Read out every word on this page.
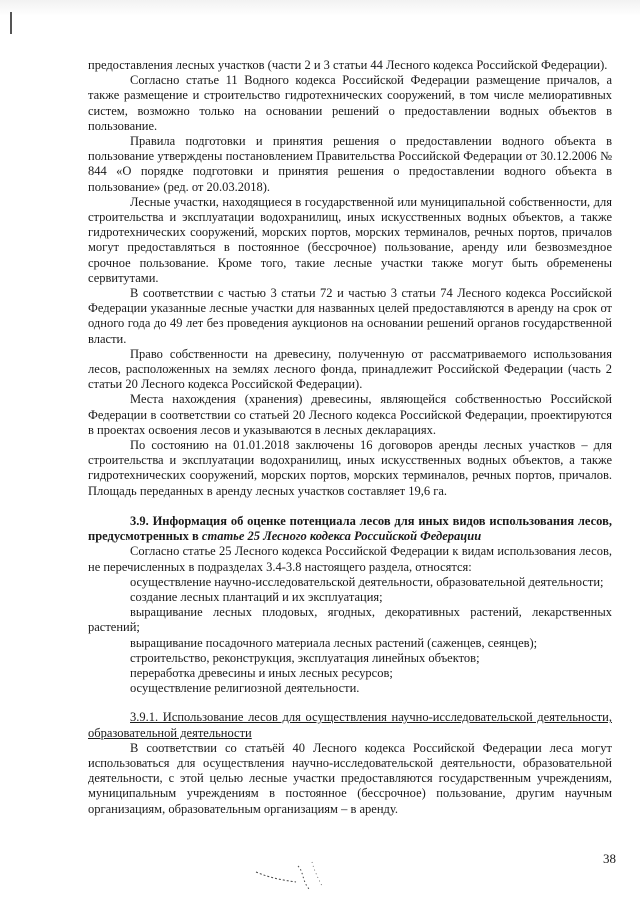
предоставления лесных участков (части 2 и 3 статьи 44 Лесного кодекса Российской Федерации).

Согласно статье 11 Водного кодекса Российской Федерации размещение причалов, а также размещение и строительство гидротехнических сооружений, в том числе мелиоративных систем, возможно только на основании решений о предоставлении водных объектов в пользование.

Правила подготовки и принятия решения о предоставлении водного объекта в пользование утверждены постановлением Правительства Российской Федерации от 30.12.2006 № 844 «О порядке подготовки и принятия решения о предоставлении водного объекта в пользование» (ред. от 20.03.2018).

Лесные участки, находящиеся в государственной или муниципальной собственности, для строительства и эксплуатации водохранилищ, иных искусственных водных объектов, а также гидротехнических сооружений, морских портов, морских терминалов, речных портов, причалов могут предоставляться в постоянное (бессрочное) пользование, аренду или безвозмездное срочное пользование. Кроме того, такие лесные участки также могут быть обременены сервитутами.

В соответствии с частью 3 статьи 72 и частью 3 статьи 74 Лесного кодекса Российской Федерации указанные лесные участки для названных целей предоставляются в аренду на срок от одного года до 49 лет без проведения аукционов на основании решений органов государственной власти.

Право собственности на древесину, полученную от рассматриваемого использования лесов, расположенных на землях лесного фонда, принадлежит Российской Федерации (часть 2 статьи 20 Лесного кодекса Российской Федерации).

Места нахождения (хранения) древесины, являющейся собственностью Российской Федерации в соответствии со статьей 20 Лесного кодекса Российской Федерации, проектируются в проектах освоения лесов и указываются в лесных декларациях.

По состоянию на 01.01.2018 заключены 16 договоров аренды лесных участков – для строительства и эксплуатации водохранилищ, иных искусственных водных объектов, а также гидротехнических сооружений, морских портов, морских терминалов, речных портов, причалов. Площадь переданных в аренду лесных участков составляет 19,6 га.

3.9. Информация об оценке потенциала лесов для иных видов использования лесов, предусмотренных в статье 25 Лесного кодекса Российской Федерации

Согласно статье 25 Лесного кодекса Российской Федерации к видам использования лесов, не перечисленных в подразделах 3.4-3.8 настоящего раздела, относятся:

осуществление научно-исследовательской деятельности, образовательной деятельности;

создание лесных плантаций и их эксплуатация;

выращивание лесных плодовых, ягодных, декоративных растений, лекарственных растений;

выращивание посадочного материала лесных растений (саженцев, сеянцев);

строительство, реконструкция, эксплуатация линейных объектов;

переработка древесины и иных лесных ресурсов;

осуществление религиозной деятельности.

3.9.1. Использование лесов для осуществления научно-исследовательской деятельности, образовательной деятельности

В соответствии со статьёй 40 Лесного кодекса Российской Федерации леса могут использоваться для осуществления научно-исследовательской деятельности, образовательной деятельности, с этой целью лесные участки предоставляются государственным учреждениям, муниципальным учреждениям в постоянное (бессрочное) пользование, другим научным организациям, образовательным организациям – в аренду.

38
